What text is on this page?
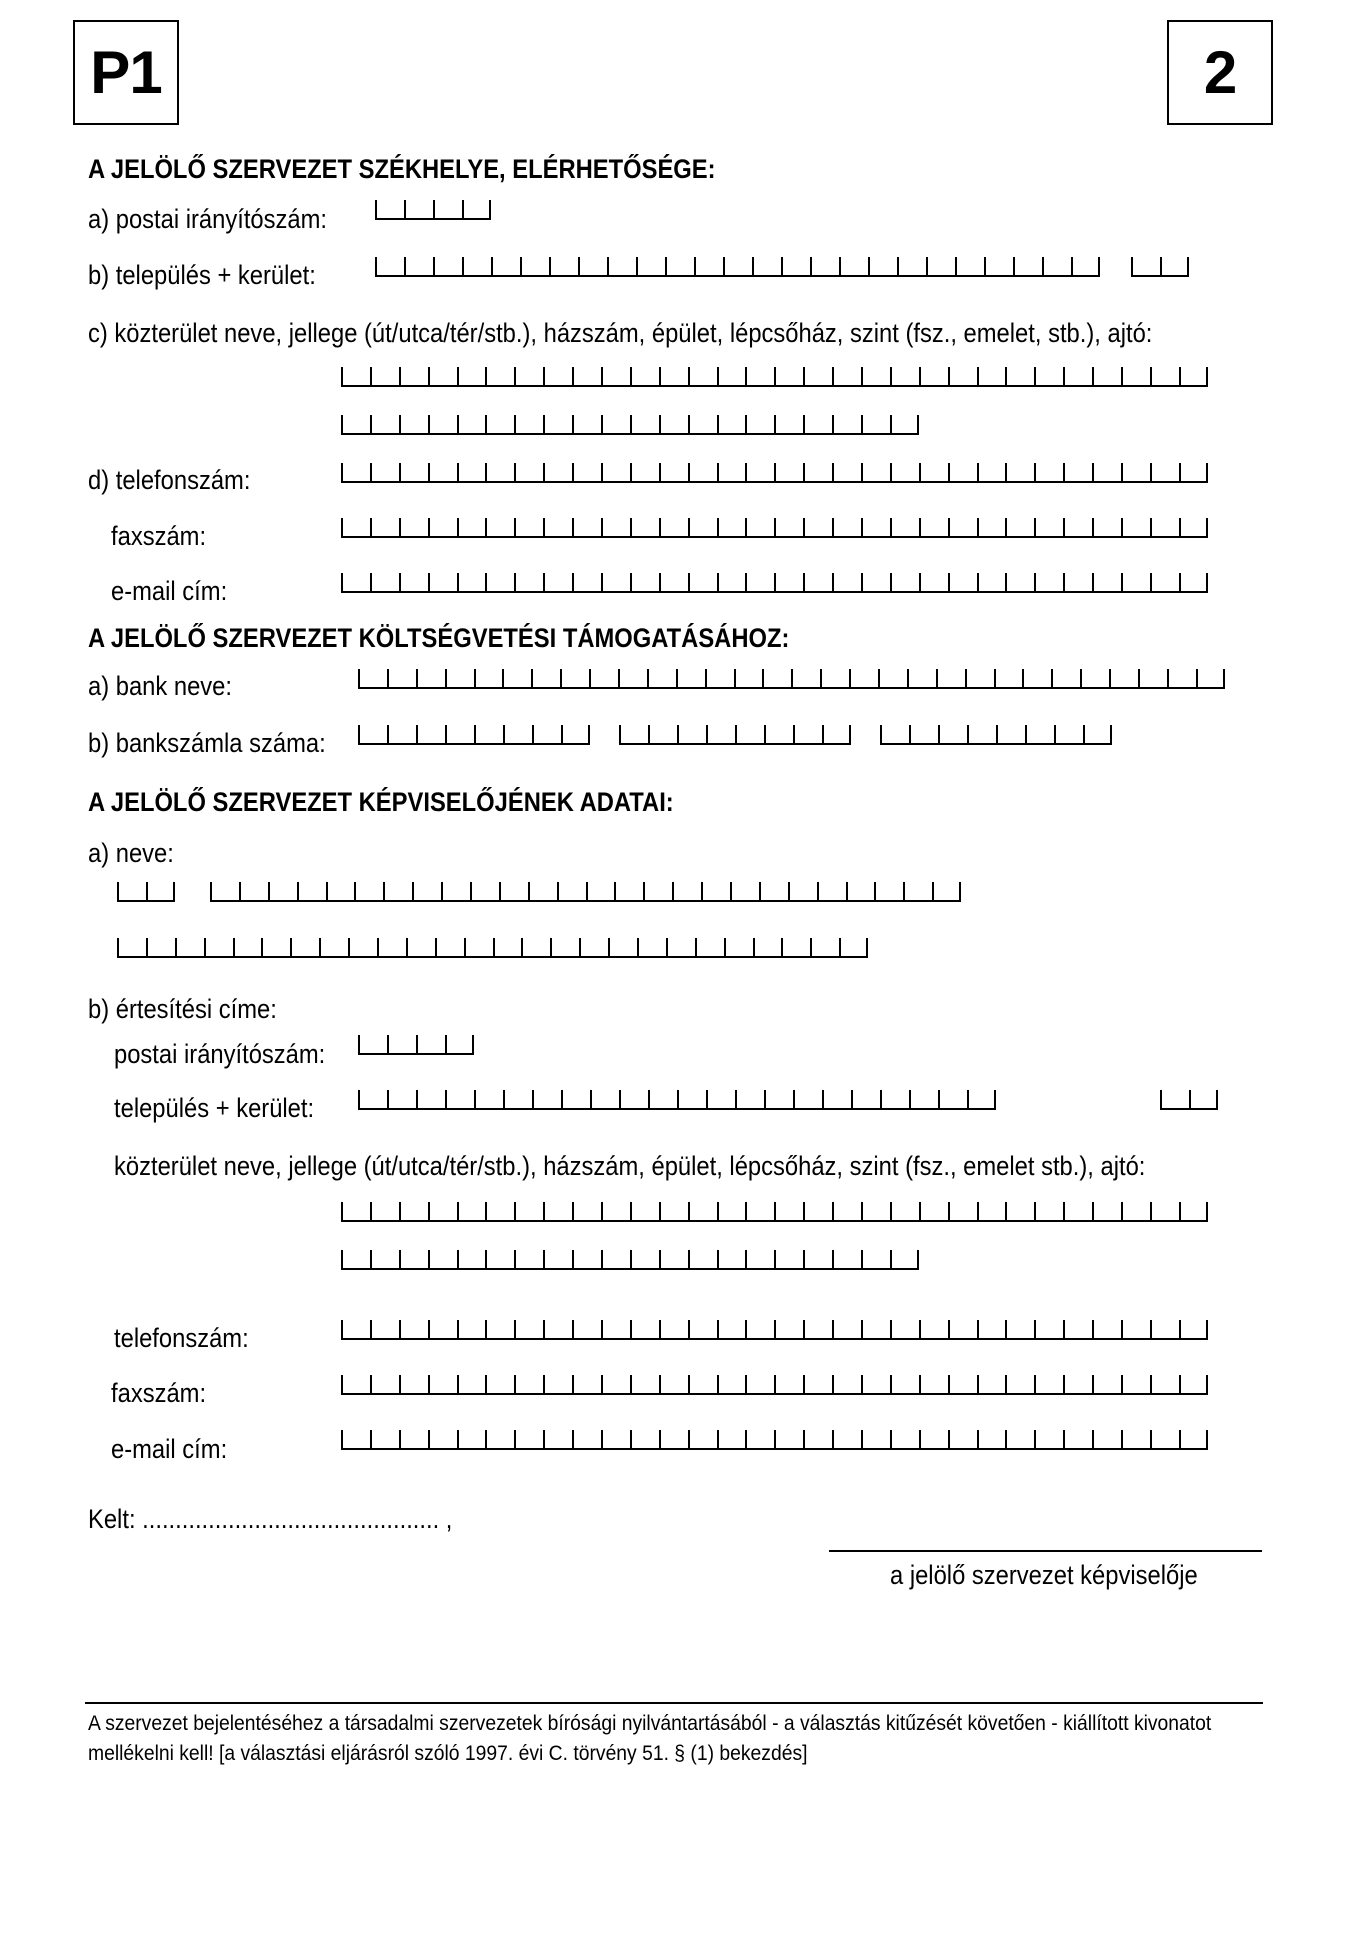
P1	2
A JELÖLŐ SZERVEZET SZÉKHELYE, ELÉRHETŐSÉGE:
a) postai irányítószám:
b) település + kerület:
c) közterület neve, jellege (út/utca/tér/stb.), házszám, épület, lépcsőház, szint (fsz., emelet, stb.), ajtó:
d) telefonszám:
faxszám:
e-mail cím:
A JELÖLŐ SZERVEZET KÖLTSÉGVETÉSI TÁMOGATÁSÁHOZ:
a) bank neve:
b) bankszámla száma:
A JELÖLŐ SZERVEZET KÉPVISELŐJÉNEK ADATAI:
a) neve:
b) értesítési címe:
postai irányítószám:
település + kerület:
közterület neve, jellege (út/utca/tér/stb.), házszám, épület, lépcsőház, szint (fsz., emelet stb.), ajtó:
telefonszám:
faxszám:
e-mail cím:
Kelt: ............................................. ,
a jelölő szervezet képviselője
A szervezet bejelentéséhez a társadalmi szervezetek bírósági nyilvántartásából - a választás kitűzését követően - kiállított kivonatot mellékelni kell! [a választási eljárásról szóló 1997. évi C. törvény 51. § (1) bekezdés]
